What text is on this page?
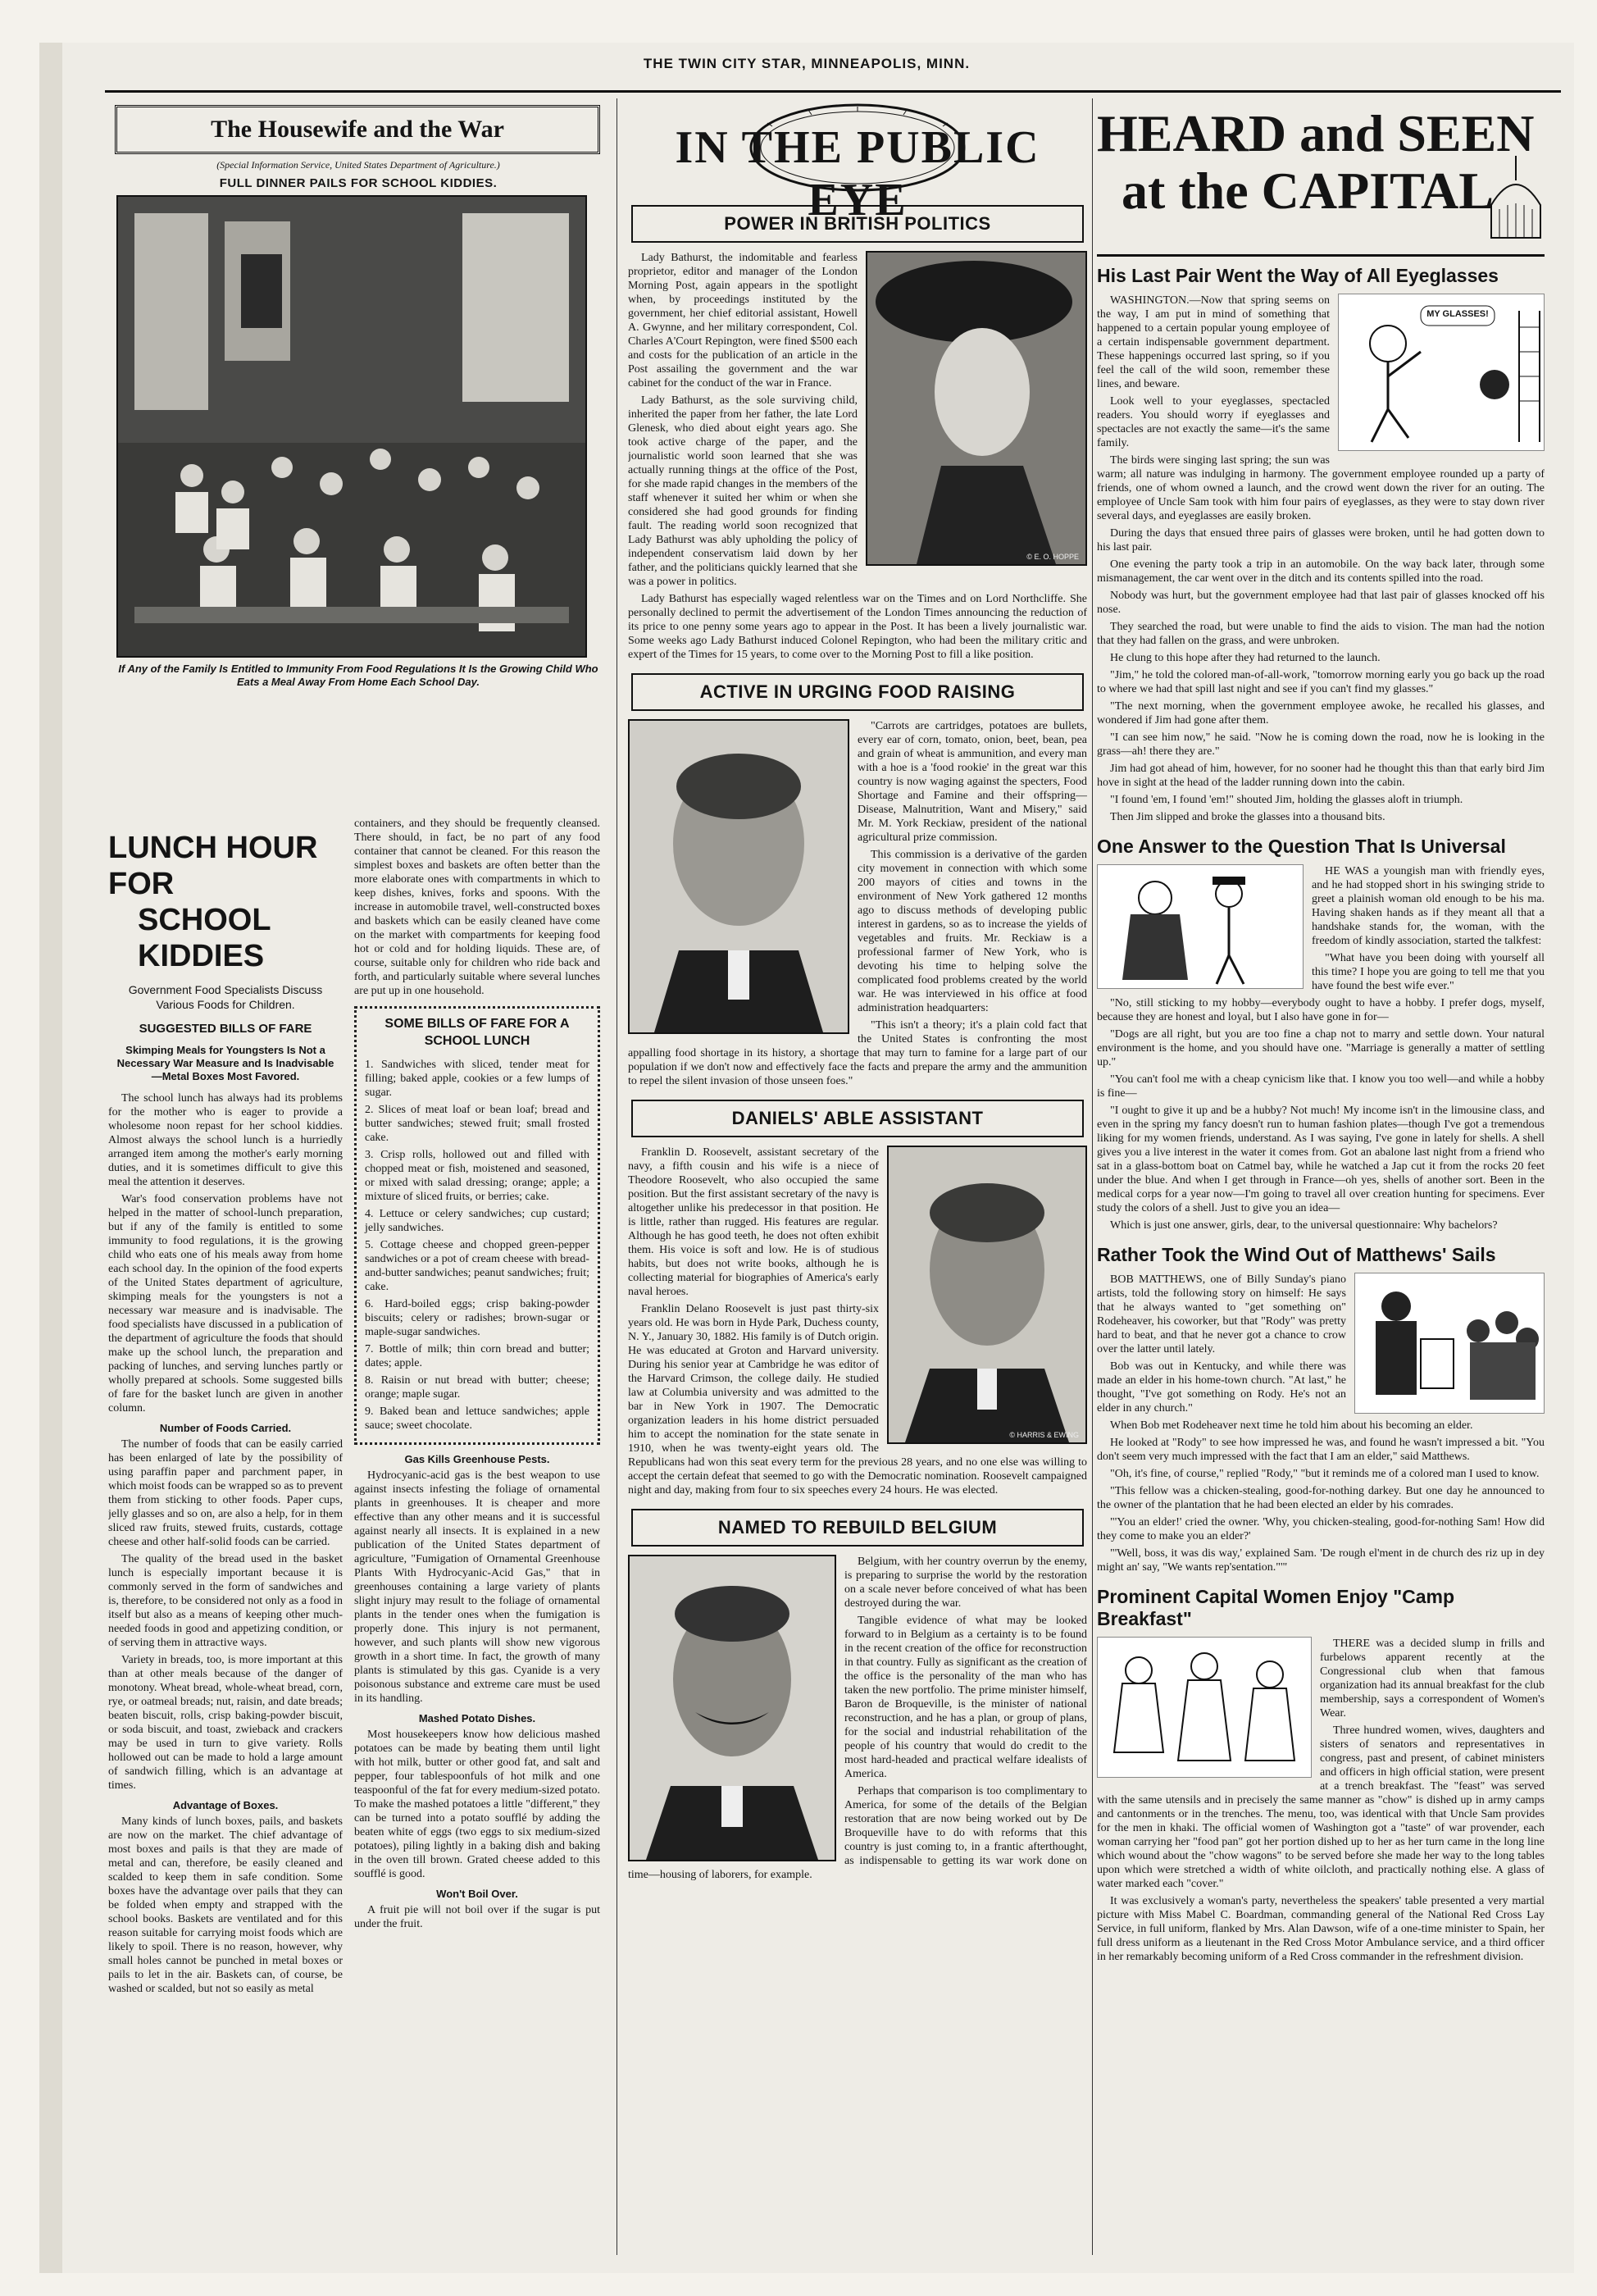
THE TWIN CITY STAR, MINNEAPOLIS, MINN.
The Housewife and the War
(Special Information Service, United States Department of Agriculture.)
FULL DINNER PAILS FOR SCHOOL KIDDIES.
If Any of the Family Is Entitled to Immunity From Food Regulations It Is the Growing Child Who Eats a Meal Away From Home Each School Day.
LUNCH HOUR FOR
SCHOOL KIDDIES
Government Food Specialists Discuss Various Foods for Children.
SUGGESTED BILLS OF FARE
Skimping Meals for Youngsters Is Not a Necessary War Measure and Is Inadvisable—Metal Boxes Most Favored.

The school lunch has always had its problems for the mother who is eager to provide a wholesome noon repast for her school kiddies. Almost always the school lunch is a hurriedly arranged item among the mother's early morning duties, and it is sometimes difficult to give this meal the attention it deserves.

War's food conservation problems have not helped in the matter of school-lunch preparation, but if any of the family is entitled to some immunity to food regulations, it is the growing child who eats one of his meals away from home each school day. In the opinion of the food experts of the United States department of agriculture, skimping meals for the youngsters is not a necessary war measure and is inadvisable. The food specialists have discussed in a publication of the department of agriculture the foods that should make up the school lunch, the preparation and packing of lunches, and serving lunches partly or wholly prepared at schools. Some suggested bills of fare for the basket lunch are given in another column.

Number of Foods Carried.

The number of foods that can be easily carried has been enlarged of late by the possibility of using paraffin paper and parchment paper, in which moist foods can be wrapped so as to prevent them from sticking to other foods. Paper cups, jelly glasses and so on, are also a help, for in them sliced raw fruits, stewed fruits, custards, cottage cheese and other half-solid foods can be carried.

The quality of the bread used in the basket lunch is especially important because it is commonly served in the form of sandwiches and is, therefore, to be considered not only as a food in itself but also as a means of keeping other much-needed foods in good and appetizing condition, or of serving them in attractive ways.

Variety in breads, too, is more important at this than at other meals because of the danger of monotony. Wheat bread, whole-wheat bread, corn, rye, or oatmeal breads; nut, raisin, and date breads; beaten biscuit, rolls, crisp baking-powder biscuit, or soda biscuit, and toast, zwieback and crackers may be used in turn to give variety. Rolls hollowed out can be made to hold a large amount of sandwich filling, which is an advantage at times.

Advantage of Boxes.

Many kinds of lunch boxes, pails, and baskets are now on the market. The chief advantage of most boxes and pails is that they are made of metal and can, therefore, be easily cleaned and scalded to keep them in safe condition. Some boxes have the advantage over pails that they can be folded when empty and strapped with the school books. Baskets are ventilated and for this reason suitable for carrying moist foods which are likely to spoil. There is no reason, however, why small holes cannot be punched in metal boxes or pails to let in the air. Baskets can, of course, be washed or scalded, but not so easily as metal

containers, and they should be frequently cleansed. There should, in fact, be no part of any food container that cannot be cleaned. For this reason the simplest boxes and baskets are often better than the more elaborate ones with compartments in which to keep dishes, knives, forks and spoons. With the increase in automobile travel, well-constructed boxes and baskets which can be easily cleaned have come on the market with compartments for keeping food hot or cold and for holding liquids. These are, of course, suitable only for children who ride back and forth, and particularly suitable where several lunches are put up in one household.

SOME BILLS OF FARE FOR A SCHOOL LUNCH

1. Sandwiches with sliced, tender meat for filling; baked apple, cookies or a few lumps of sugar.

2. Slices of meat loaf or bean loaf; bread and butter sandwiches; stewed fruit; small frosted cake.

3. Crisp rolls, hollowed out and filled with chopped meat or fish, moistened and seasoned, or mixed with salad dressing; orange; apple; a mixture of sliced fruits, or berries; cake.

4. Lettuce or celery sandwiches; cup custard; jelly sandwiches.

5. Cottage cheese and chopped green-pepper sandwiches or a pot of cream cheese with bread-and-butter sandwiches; peanut sandwiches; fruit; cake.

6. Hard-boiled eggs; crisp baking-powder biscuits; celery or radishes; brown-sugar or maple-sugar sandwiches.

7. Bottle of milk; thin corn bread and butter; dates; apple.

8. Raisin or nut bread with butter; cheese; orange; maple sugar.

9. Baked bean and lettuce sandwiches; apple sauce; sweet chocolate.

Gas Kills Greenhouse Pests.

Hydrocyanic-acid gas is the best weapon to use against insects infesting the foliage of ornamental plants in greenhouses. It is cheaper and more effective than any other means and it is successful against nearly all insects. It is explained in a new publication of the United States department of agriculture, "Fumigation of Ornamental Greenhouse Plants With Hydrocyanic-Acid Gas," that in greenhouses containing a large variety of plants slight injury may result to the foliage of ornamental plants in the tender ones when the fumigation is properly done. This injury is not permanent, however, and such plants will show new vigorous growth in a short time. In fact, the growth of many plants is stimulated by this gas. Cyanide is a very poisonous substance and extreme care must be used in its handling.

Mashed Potato Dishes.

Most housekeepers know how delicious mashed potatoes can be made by beating them until light with hot milk, butter or other good fat, and salt and pepper, four tablespoonfuls of hot milk and one teaspoonful of the fat for every medium-sized potato. To make the mashed potatoes a little "different," they can be turned into a potato soufflé by adding the beaten white of eggs (two eggs to six medium-sized potatoes), piling lightly in a baking dish and baking in the oven till brown. Grated cheese added to this soufflé is good.

Won't Boil Over.

A fruit pie will not boil over if the sugar is put under the fruit.

IN THE PUBLIC EYE
POWER IN BRITISH POLITICS
© E. O. HOPPE

Lady Bathurst, the indomitable and fearless proprietor, editor and manager of the London Morning Post, again appears in the spotlight when, by proceedings instituted by the government, her chief editorial assistant, Howell A. Gwynne, and her military correspondent, Col. Charles A'Court Repington, were fined $500 each and costs for the publication of an article in the Post assailing the government and the war cabinet for the conduct of the war in France.

Lady Bathurst, as the sole surviving child, inherited the paper from her father, the late Lord Glenesk, who died about eight years ago. She took active charge of the paper, and the journalistic world soon learned that she was actually running things at the office of the Post, for she made rapid changes in the members of the staff whenever it suited her whim or when she considered she had good grounds for finding fault. The reading world soon recognized that Lady Bathurst was ably upholding the policy of independent conservatism laid down by her father, and the politicians quickly learned that she was a power in politics.

Lady Bathurst has especially waged relentless war on the Times and on Lord Northcliffe. She personally declined to permit the advertisement of the London Times announcing the reduction of its price to one penny some years ago to appear in the Post. It has been a lively journalistic war. Some weeks ago Lady Bathurst induced Colonel Repington, who had been the military critic and expert of the Times for 15 years, to come over to the Morning Post to fill a like position.

ACTIVE IN URGING FOOD RAISING

"Carrots are cartridges, potatoes are bullets, every ear of corn, tomato, onion, beet, bean, pea and grain of wheat is ammunition, and every man with a hoe is a 'food rookie' in the great war this country is now waging against the specters, Food Shortage and Famine and their offspring—Disease, Malnutrition, Want and Misery," said Mr. M. York Reckiaw, president of the national agricultural prize commission.

This commission is a derivative of the garden city movement in connection with which some 200 mayors of cities and towns in the environment of New York gathered 12 months ago to discuss methods of developing public interest in gardens, so as to increase the yields of vegetables and fruits. Mr. Reckiaw is a professional farmer of New York, who is devoting his time to helping solve the complicated food problems created by the world war. He was interviewed in his office at food administration headquarters:

"This isn't a theory; it's a plain cold fact that the United States is confronting the most appalling food shortage in its history, a shortage that may turn to famine for a large part of our population if we don't now and effectively face the facts and prepare the army and the ammunition to repel the silent invasion of those unseen foes."

DANIELS' ABLE ASSISTANT
© HARRIS & EWING

Franklin D. Roosevelt, assistant secretary of the navy, a fifth cousin and his wife is a niece of Theodore Roosevelt, who also occupied the same position. But the first assistant secretary of the navy is altogether unlike his predecessor in that position. He is little, rather than rugged. His features are regular. Although he has good teeth, he does not often exhibit them. His voice is soft and low. He is of studious habits, but does not write books, although he is collecting material for biographies of America's early naval heroes.

Franklin Delano Roosevelt is just past thirty-six years old. He was born in Hyde Park, Duchess county, N. Y., January 30, 1882. His family is of Dutch origin. He was educated at Groton and Harvard university. During his senior year at Cambridge he was editor of the Harvard Crimson, the college daily. He studied law at Columbia university and was admitted to the bar in New York in 1907. The Democratic organization leaders in his home district persuaded him to accept the nomination for the state senate in 1910, when he was twenty-eight years old. The Republicans had won this seat every term for the previous 28 years, and no one else was willing to accept the certain defeat that seemed to go with the Democratic nomination. Roosevelt campaigned night and day, making from four to six speeches every 24 hours. He was elected.

NAMED TO REBUILD BELGIUM

Belgium, with her country overrun by the enemy, is preparing to surprise the world by the restoration on a scale never before conceived of what has been destroyed during the war.

Tangible evidence of what may be looked forward to in Belgium as a certainty is to be found in the recent creation of the office for reconstruction in that country. Fully as significant as the creation of the office is the personality of the man who has taken the new portfolio. The prime minister himself, Baron de Broqueville, is the minister of national reconstruction, and he has a plan, or group of plans, for the social and industrial rehabilitation of the people of his country that would do credit to the most hard-headed and practical welfare idealists of America.

Perhaps that comparison is too complimentary to America, for some of the details of the Belgian restoration that are now being worked out by De Broqueville have to do with reforms that this country is just coming to, in a frantic afterthought, as indispensable to getting its war work done on time—housing of laborers, for example.

HEARD and SEEN
at the CAPITAL
His Last Pair Went the Way of All Eyeglasses
MY GLASSES!

WASHINGTON.—Now that spring seems on the way, I am put in mind of something that happened to a certain popular young employee of a certain indispensable government department. These happenings occurred last spring, so if you feel the call of the wild soon, remember these lines, and beware.

Look well to your eyeglasses, spectacled readers. You should worry if eyeglasses and spectacles are not exactly the same—it's the same family.

The birds were singing last spring; the sun was warm; all nature was indulging in harmony. The government employee rounded up a party of friends, one of whom owned a launch, and the crowd went down the river for an outing. The employee of Uncle Sam took with him four pairs of eyeglasses, as they were to stay down river several days, and eyeglasses are easily broken.

During the days that ensued three pairs of glasses were broken, until he had gotten down to his last pair.

One evening the party took a trip in an automobile. On the way back later, through some mismanagement, the car went over in the ditch and its contents spilled into the road.

Nobody was hurt, but the government employee had that last pair of glasses knocked off his nose.

They searched the road, but were unable to find the aids to vision. The man had the notion that they had fallen on the grass, and were unbroken.

He clung to this hope after they had returned to the launch.

"Jim," he told the colored man-of-all-work, "tomorrow morning early you go back up the road to where we had that spill last night and see if you can't find my glasses."

"The next morning, when the government employee awoke, he recalled his glasses, and wondered if Jim had gone after them.

"I can see him now," he said. "Now he is coming down the road, now he is looking in the grass—ah! there they are."

Jim had got ahead of him, however, for no sooner had he thought this than that early bird Jim hove in sight at the head of the ladder running down into the cabin.

"I found 'em, I found 'em!" shouted Jim, holding the glasses aloft in triumph.

Then Jim slipped and broke the glasses into a thousand bits.

One Answer to the Question That Is Universal

HE WAS a youngish man with friendly eyes, and he had stopped short in his swinging stride to greet a plainish woman old enough to be his ma. Having shaken hands as if they meant all that a handshake stands for, the woman, with the freedom of kindly association, started the talkfest:

"What have you been doing with yourself all this time? I hope you are going to tell me that you have found the best wife ever."

"No, still sticking to my hobby—everybody ought to have a hobby. I prefer dogs, myself, because they are honest and loyal, but I also have gone in for—

"Dogs are all right, but you are too fine a chap not to marry and settle down. Your natural environment is the home, and you should have one. "Marriage is generally a matter of settling up."

"You can't fool me with a cheap cynicism like that. I know you too well—and while a hobby is fine—

"I ought to give it up and be a hubby? Not much! My income isn't in the limousine class, and even in the spring my fancy doesn't run to human fashion plates—though I've got a tremendous liking for my women friends, understand. As I was saying, I've gone in lately for shells. A shell gives you a live interest in the water it comes from. Got an abalone last night from a friend who sat in a glass-bottom boat on Catmel bay, while he watched a Jap cut it from the rocks 20 feet under the blue. And when I get through in France—oh yes, shells of another sort. Been in the medical corps for a year now—I'm going to travel all over creation hunting for specimens. Ever study the colors of a shell. Just to give you an idea—

Which is just one answer, girls, dear, to the universal questionnaire: Why bachelors?

Rather Took the Wind Out of Matthews' Sails

BOB MATTHEWS, one of Billy Sunday's piano artists, told the following story on himself: He says that he always wanted to "get something on" Rodeheaver, his coworker, but that "Rody" was pretty hard to beat, and that he never got a chance to crow over the latter until lately.

Bob was out in Kentucky, and while there was made an elder in his home-town church. "At last," he thought, "I've got something on Rody. He's not an elder in any church."

When Bob met Rodeheaver next time he told him about his becoming an elder.

He looked at "Rody" to see how impressed he was, and found he wasn't impressed a bit. "You don't seem very much impressed with the fact that I am an elder," said Matthews.

"Oh, it's fine, of course," replied "Rody," "but it reminds me of a colored man I used to know.

"This fellow was a chicken-stealing, good-for-nothing darkey. But one day he announced to the owner of the plantation that he had been elected an elder by his comrades.

"'You an elder!' cried the owner. 'Why, you chicken-stealing, good-for-nothing Sam! How did they come to make you an elder?'

"'Well, boss, it was dis way,' explained Sam. 'De rough el'ment in de church des riz up in dey might an' say, "We wants rep'sentation."'"

Prominent Capital Women Enjoy "Camp Breakfast"

THERE was a decided slump in frills and furbelows apparent recently at the Congressional club when that famous organization had its annual breakfast for the club membership, says a correspondent of Women's Wear.

Three hundred women, wives, daughters and sisters of senators and representatives in congress, past and present, of cabinet ministers and officers in high official station, were present at a trench breakfast. The "feast" was served with the same utensils and in precisely the same manner as "chow" is dished up in army camps and cantonments or in the trenches. The menu, too, was identical with that Uncle Sam provides for the men in khaki. The official women of Washington got a "taste" of war provender, each woman carrying her "food pan" got her portion dished up to her as her turn came in the long line which wound about the "chow wagons" to be served before she made her way to the long tables upon which were stretched a width of white oilcloth, and practically nothing else. A glass of water marked each "cover."

It was exclusively a woman's party, nevertheless the speakers' table presented a very martial picture with Miss Mabel C. Boardman, commanding general of the National Red Cross Lay Service, in full uniform, flanked by Mrs. Alan Dawson, wife of a one-time minister to Spain, her full dress uniform as a lieutenant in the Red Cross Motor Ambulance service, and a third officer in her remarkably becoming uniform of a Red Cross commander in the refreshment division.
